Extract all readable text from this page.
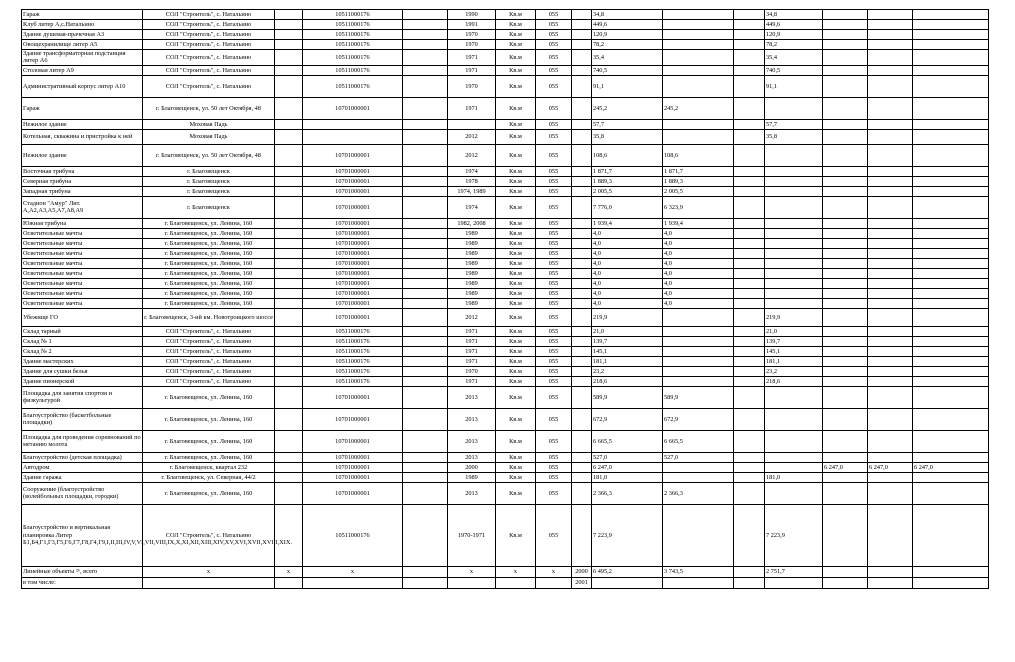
Гараж	СОЛ "Строитель", с. Натальино		10511000176		1990	Кв.м	055		34,8			34,8			
Клуб литер А,с.Натальино	СОЛ "Строитель", с. Натальино		10511000176		1991	Кв.м	055		449,6			449,6			
Здание душевая-прачечная А3	СОЛ "Строитель", с. Натальино		10511000176		1970	Кв.м	055		120,9			120,9			
Овощехранилище литер А5	СОЛ "Строитель", с. Натальино		10511000176		1970	Кв.м	055		78,2			78,2			
Здание трансформаторная подстанция литер А6	СОЛ "Строитель", с. Натальино		10511000176		1971	Кв.м	055		35,4			35,4			
Столовая литер А9	СОЛ "Строитель", с. Натальино		10511000176		1971	Кв.м	055		740,5			740,5			
Административный корпус литер А10	СОЛ "Строитель", с. Натальино		10511000176		1970	Кв.м	055		91,1			91,1			
Гараж	г. Благовещенск, ул. 50 лет Октября, 48		10701000001		1971	Кв.м	055		245,2	245,2					
Нежилое здание	Моховая Падь					Кв.м	055		57,7			57,7			
Котельная, скважина и пристройка к ней	Моховая Падь				2012	Кв.м	055		35,8			35,8			
Нежилое здание	г. Благовещенск, ул. 50 лет Октября, 48		10701000001		2012	Кв.м	055		108,6	108,6					
Восточная трибуна	г. Благовещенск		10701000001		1974	Кв.м	055		1 871,7	1 871,7					
Северная трибуна	г. Благовещенск		10701000001		1978	Кв.м	055		1 889,3	1 889,3					
Западная трибуна	г. Благовещенск		10701000001		1974, 1989	Кв.м	055		2 005,5	2 005,5					
Стадион "Амур" Лит. А,А2,А3,А5,А7,А8,А9	г. Благовещенск		10701000001		1974	Кв.м	055		7 776,0	6 323,9					
Южная трибуна	г. Благовещенск, ул. Ленина, 160		10701000001		1982, 2008	Кв.м	055		1 939,4	1 939,4					
Осветительные мачты	г. Благовещенск, ул. Ленина, 160		10701000001		1989	Кв.м	055		4,0	4,0					
Осветительные мачты	г. Благовещенск, ул. Ленина, 160		10701000001		1989	Кв.м	055		4,0	4,0					
Осветительные мачты	г. Благовещенск, ул. Ленина, 160		10701000001		1989	Кв.м	055		4,0	4,0					
Осветительные мачты	г. Благовещенск, ул. Ленина, 160		10701000001		1989	Кв.м	055		4,0	4,0					
Осветительные мачты	г. Благовещенск, ул. Ленина, 160		10701000001		1989	Кв.м	055		4,0	4,0					
Осветительные мачты	г. Благовещенск, ул. Ленина, 160		10701000001		1989	Кв.м	055		4,0	4,0					
Осветительные мачты	г. Благовещенск, ул. Ленина, 160		10701000001		1989	Кв.м	055		4,0	4,0					
Осветительные мачты	г. Благовещенск, ул. Ленина, 160		10701000001		1989	Кв.м	055		4,0	4,0					
Убежище ГО	г. Благовещенск, 3-ий км. Новотроицкого шоссе		10701000001		2012	Кв.м	055		219,9			219,9			
Склад тарный	СОЛ "Строитель", с. Натальино		10511000176		1971	Кв.м	055		21,0			21,0			
Склад № 1	СОЛ "Строитель", с. Натальино		10511000176		1971	Кв.м	055		139,7			139,7			
Склад № 2	СОЛ "Строитель", с. Натальино		10511000176		1971	Кв.м	055		145,1			145,1			
Здание мастерских	СОЛ "Строитель", с. Натальино		10511000176		1971	Кв.м	055		181,1			181,1			
Здание для сушки белья	СОЛ "Строитель", с. Натальино		10511000176		1970	Кв.м	055		23,2			23,2			
Здание пионерской	СОЛ "Строитель", с. Натальино		10511000176		1971	Кв.м	055		218,6			218,6			
Площадка для занятия спортом и физкультурой	г. Благовещенск, ул. Ленина, 160		10701000001		2013	Кв.м	055		589,9	589,9					
Благоустройство (баскетбольные площадки)	г. Благовещенск, ул. Ленина, 160		10701000001		2013	Кв.м	055		672,9	672,9					
Площадка для проведения соревнований по метанию молота	г. Благовещенск, ул. Ленина, 160		10701000001		2013	Кв.м	055		6 665,5	6 665,5					
Благоустройство (детская площадка)	г. Благовещенск, ул. Ленина, 160		10701000001		2013	Кв.м	055		527,0	527,0					
Автодром	г. Благовещенск, квартал 232		10701000001		2000	Кв.м	055		6 247,0				6 247,0	6 247,0	6 247,0
Здание гаража	г. Благовещенск, ул. Северная, 44/2		10701000001		1989	Кв.м	055		181,0			181,0			
Сооружение (благоустройство (волейбольных площадки, городки)	г. Благовещенск, ул. Ленина, 160		10701000001		2013	Кв.м	055		2 366,3	2 366,3					
Благоустройство и вертикальная планировка Литер Б1,Б4,Г1,Г3,Г5,Г6,Г7,Г8,Г4,Г9,I,II,III,IV,V,VI,VII,VIII,IX,X,XI,XII,XIII,XIV,XV,XVI,XVII,XVIII,XIX.	СОЛ "Строитель", с. Натальино		10511000176		1970-1971	Кв.м	055		7 223,9			7 223,9			
Линейные объекты ²⁶, всего	x	x	x		x	x	x	2000	6 495,2	3 743,5		2 751,7			
в том числе:								2001							
